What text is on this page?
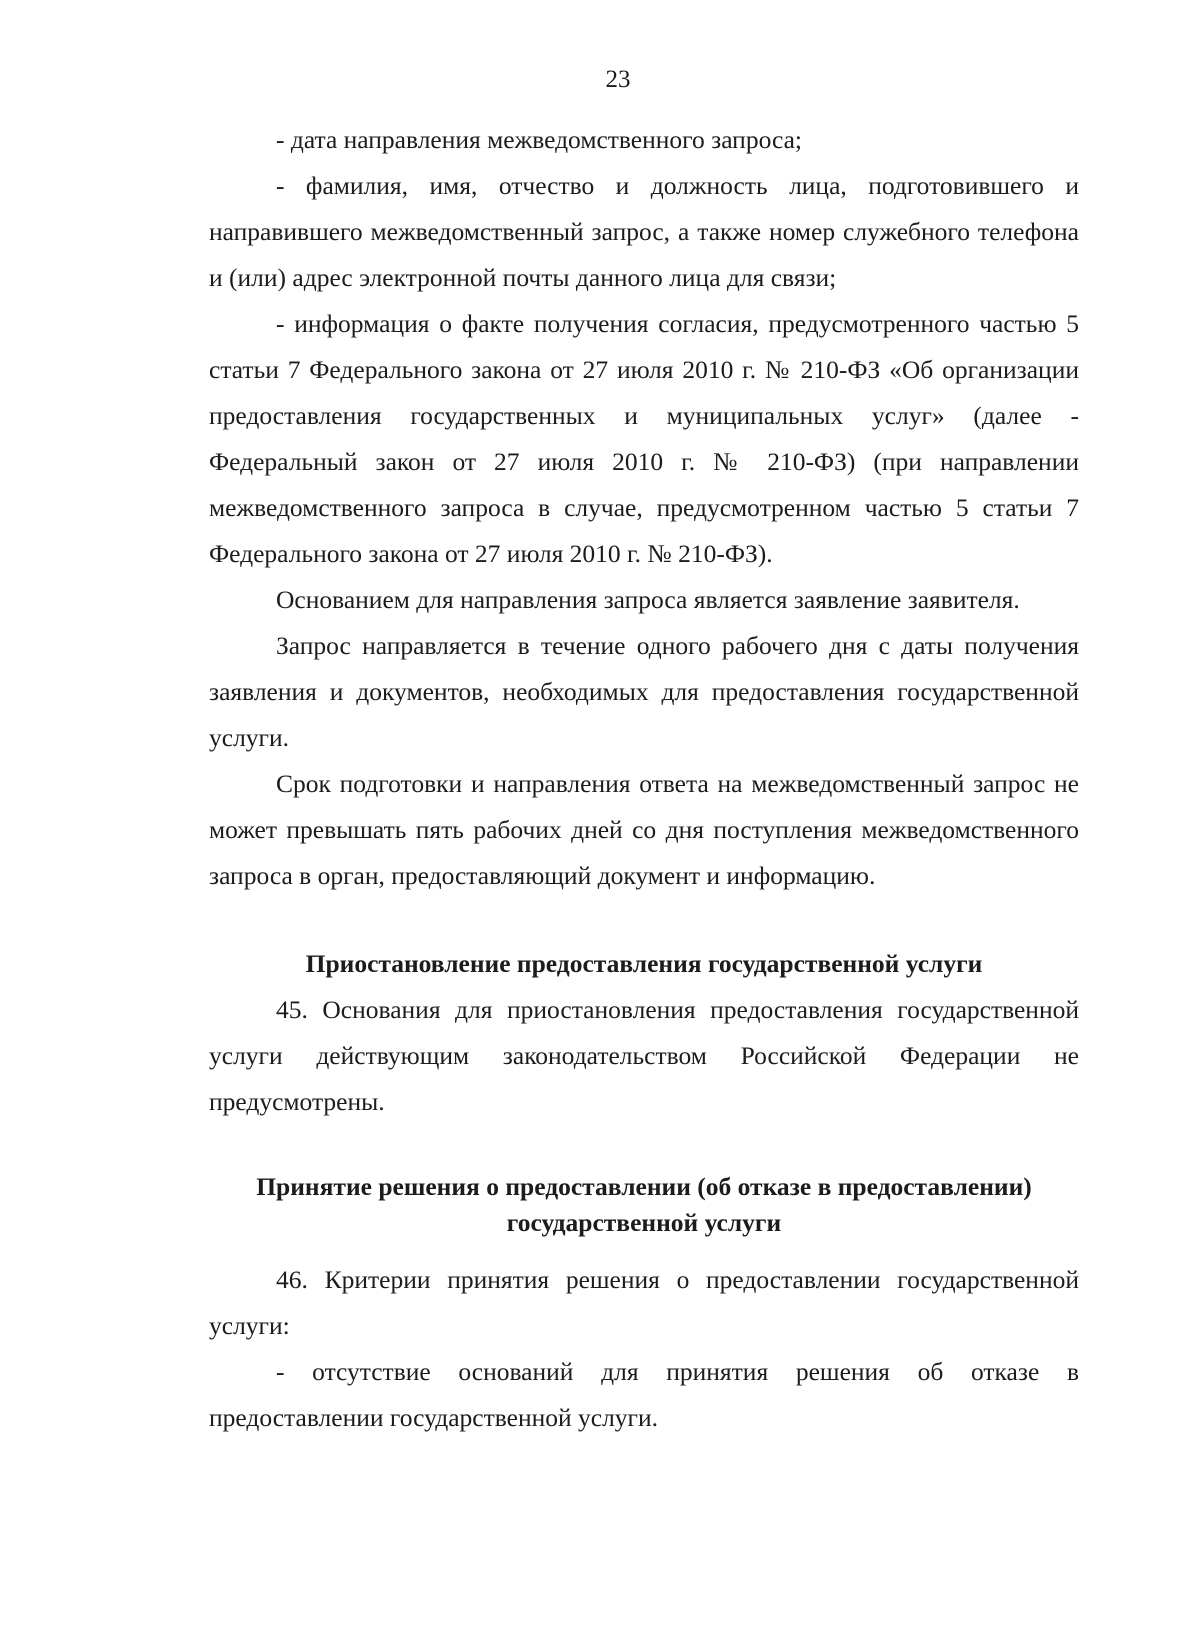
23

- дата направления межведомственного запроса;

- фамилия, имя, отчество и должность лица, подготовившего и направившего межведомственный запрос, а также номер служебного телефона и (или) адрес электронной почты данного лица для связи;

- информация о факте получения согласия, предусмотренного частью 5 статьи 7 Федерального закона от 27 июля 2010 г. № 210-ФЗ «Об организации предоставления государственных и муниципальных услуг» (далее - Федеральный закон от 27 июля 2010 г. № 210-ФЗ) (при направлении межведомственного запроса в случае, предусмотренном частью 5 статьи 7 Федерального закона от 27 июля 2010 г. № 210-ФЗ).

Основанием для направления запроса является заявление заявителя.

Запрос направляется в течение одного рабочего дня с даты получения заявления и документов, необходимых для предоставления государственной услуги.

Срок подготовки и направления ответа на межведомственный запрос не может превышать пять рабочих дней со дня поступления межведомственного запроса в орган, предоставляющий документ и информацию.

Приостановление предоставления государственной услуги

45. Основания для приостановления предоставления государственной услуги действующим законодательством Российской Федерации не предусмотрены.

Принятие решения о предоставлении (об отказе в предоставлении)
государственной услуги

46. Критерии принятия решения о предоставлении государственной услуги:

- отсутствие оснований для принятия решения об отказе в предоставлении государственной услуги.
